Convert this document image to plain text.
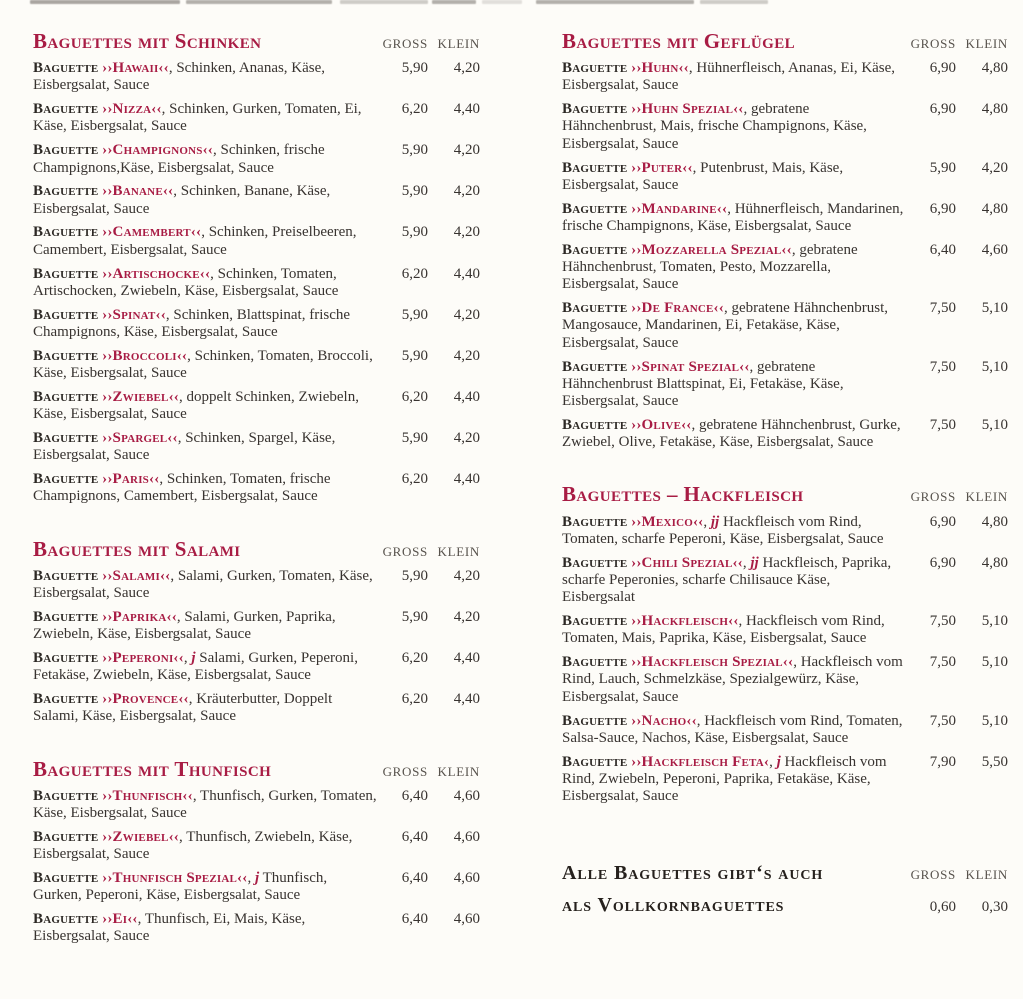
Baguettes mit Schinken	GROSS KLEIN
Baguette ››Hawaii‹‹, Schinken, Ananas, Käse, Eisbergsalat, Sauce
5,90	4,20
Baguette ››Nizza‹‹, Schinken, Gurken, Tomaten, Ei, Käse, Eisbergsalat, Sauce
6,20	4,40
Baguette ››Champignons‹‹, Schinken, frische Champignons,Käse, Eisbergsalat, Sauce
5,90	4,20
Baguette ››Banane‹‹, Schinken, Banane, Käse, Eisbergsalat, Sauce
5,90	4,20
Baguette ››Camembert‹‹, Schinken, Preiselbeeren, Camembert, Eisbergsalat, Sauce
5,90	4,20
Baguette ››Artischocke‹‹, Schinken, Tomaten, Artischocken, Zwiebeln, Käse, Eisbergsalat, Sauce
6,20	4,40
Baguette ››Spinat‹‹, Schinken, Blattspinat, frische Champignons, Käse, Eisbergsalat, Sauce
5,90	4,20
Baguette ››Broccoli‹‹, Schinken, Tomaten, Broccoli, Käse, Eisbergsalat, Sauce
5,90	4,20
Baguette ››Zwiebel‹‹, doppelt Schinken, Zwiebeln, Käse, Eisbergsalat, Sauce
6,20	4,40
Baguette ››Spargel‹‹, Schinken, Spargel, Käse, Eisbergsalat, Sauce
5,90	4,20
Baguette ››Paris‹‹, Schinken, Tomaten, frische Champignons, Camembert, Eisbergsalat, Sauce
6,20	4,40
Baguettes mit Salami	GROSS KLEIN
Baguette ››Salami‹‹, Salami, Gurken, Tomaten, Käse, Eisbergsalat, Sauce
5,90	4,20
Baguette ››Paprika‹‹, Salami, Gurken, Paprika, Zwiebeln, Käse, Eisbergsalat, Sauce
5,90	4,20
Baguette ››Peperoni‹‹, j Salami, Gurken, Peperoni, Fetakäse, Zwiebeln, Käse, Eisbergsalat, Sauce
6,20	4,40
Baguette ››Provence‹‹, Kräuterbutter, Doppelt Salami, Käse, Eisbergsalat, Sauce
6,20	4,40
Baguettes mit Thunfisch	GROSS KLEIN
Baguette ››Thunfisch‹‹, Thunfisch, Gurken, Tomaten, Käse, Eisbergsalat, Sauce
6,40	4,60
Baguette ››Zwiebel‹‹, Thunfisch, Zwiebeln, Käse, Eisbergsalat, Sauce
6,40	4,60
Baguette ››Thunfisch Spezial‹‹, j Thunfisch, Gurken, Peperoni, Käse, Eisbergsalat, Sauce
6,40	4,60
Baguette ››Ei‹‹, Thunfisch, Ei, Mais, Käse, Eisbergsalat, Sauce
6,40	4,60
Baguettes mit Geflügel	GROSS KLEIN
Baguette ››Huhn‹‹, Hühnerfleisch, Ananas, Ei, Käse, Eisbergsalat, Sauce
6,90	4,80
Baguette ››Huhn Spezial‹‹, gebratene Hähnchenbrust, Mais, frische Champignons, Käse, Eisbergsalat, Sauce
6,90	4,80
Baguette ››Puter‹‹, Putenbrust, Mais, Käse, Eisbergsalat, Sauce
5,90	4,20
Baguette ››Mandarine‹‹, Hühnerfleisch, Mandarinen, frische Champignons, Käse, Eisbergsalat, Sauce
6,90	4,80
Baguette ››Mozzarella Spezial‹‹, gebratene Hähnchenbrust, Tomaten, Pesto, Mozzarella, Eisbergsalat, Sauce
6,40	4,60
Baguette ››De France‹‹, gebratene Hähnchenbrust, Mangosauce, Mandarinen, Ei, Fetakäse, Käse, Eisbergsalat, Sauce
7,50	5,10
Baguette ››Spinat Spezial‹‹, gebratene Hähnchenbrust Blattspinat, Ei, Fetakäse, Käse, Eisbergsalat, Sauce
7,50	5,10
Baguette ››Olive‹‹, gebratene Hähnchenbrust, Gurke, Zwiebel, Olive, Fetakäse, Käse, Eisbergsalat, Sauce
7,50	5,10
Baguettes – Hackfleisch	GROSS KLEIN
Baguette ››Mexico‹‹, jj Hackfleisch vom Rind, Tomaten, scharfe Peperoni, Käse, Eisbergsalat, Sauce
6,90	4,80
Baguette ››Chili Spezial‹‹, jj Hackfleisch, Paprika, scharfe Peperonies, scharfe Chilisauce Käse, Eisbergsalat
6,90	4,80
Baguette ››Hackfleisch‹‹, Hackfleisch vom Rind, Tomaten, Mais, Paprika, Käse, Eisbergsalat, Sauce
7,50	5,10
Baguette ››Hackfleisch Spezial‹‹, Hackfleisch vom Rind, Lauch, Schmelzkäse, Spezialgewürz, Käse, Eisbergsalat, Sauce
7,50	5,10
Baguette ››Nacho‹‹, Hackfleisch vom Rind, Tomaten, Salsa-Sauce, Nachos, Käse, Eisbergsalat, Sauce
7,50	5,10
Baguette ››Hackfleisch Feta‹, j Hackfleisch vom Rind, Zwiebeln, Peperoni, Paprika, Fetakäse, Käse, Eisbergsalat, Sauce
7,90	5,50
Alle Baguettes gibt‘s auch	GROSS KLEIN
als Vollkornbaguettes	0,60	0,30
